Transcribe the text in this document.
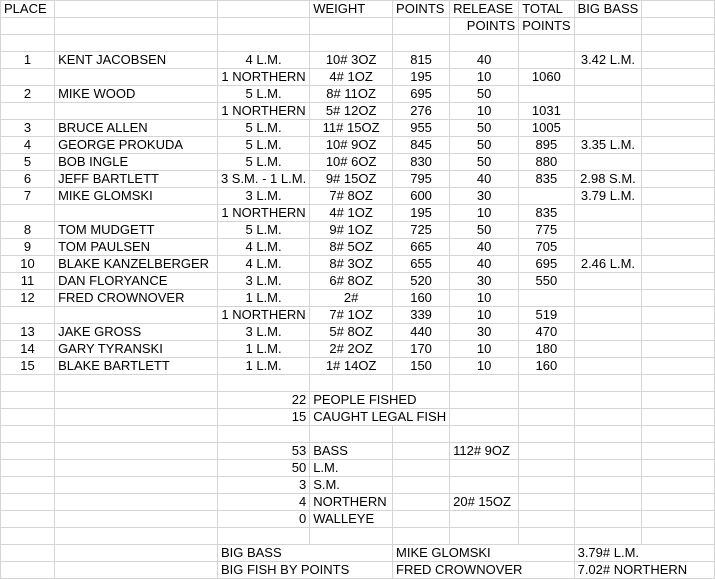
PLACE			WEIGHT	POINTS	RELEASE	TOTAL	BIG BASS	
					POINTS	POINTS		

1	KENT JACOBSEN	4 L.M.	10# 3OZ	815	40		3.42 L.M.	
		1 NORTHERN	4# 1OZ	195	10	1060		
2	MIKE WOOD	5 L.M.	8# 11OZ	695	50			
		1 NORTHERN	5# 12OZ	276	10	1031		
3	BRUCE ALLEN	5 L.M.	11# 15OZ	955	50	1005		
4	GEORGE PROKUDA	5 L.M.	10# 9OZ	845	50	895	3.35 L.M.	
5	BOB INGLE	5 L.M.	10# 6OZ	830	50	880		
6	JEFF BARTLETT	3 S.M. - 1 L.M.	9# 15OZ	795	40	835	2.98 S.M.	
7	MIKE GLOMSKI	3 L.M.	7# 8OZ	600	30		3.79 L.M.	
		1 NORTHERN	4# 1OZ	195	10	835		
8	TOM MUDGETT	5 L.M.	9# 1OZ	725	50	775		
9	TOM PAULSEN	4 L.M.	8# 5OZ	665	40	705		
10	BLAKE KANZELBERGER	4 L.M.	8# 3OZ	655	40	695	2.46 L.M.	
11	DAN FLORYANCE	3 L.M.	6# 8OZ	520	30	550		
12	FRED CROWNOVER	1 L.M.	2#	160	10			
		1 NORTHERN	7# 1OZ	339	10	519		
13	JAKE GROSS	3 L.M.	5# 8OZ	440	30	470		
14	GARY TYRANSKI	1 L.M.	2# 2OZ	170	10	180		
15	BLAKE BARTLETT	1 L.M.	1# 14OZ	150	10	160		

		22	PEOPLE FISHED					
		15	CAUGHT LEGAL FISH					

		53	BASS		112# 9OZ			
		50	L.M.					
		3	S.M.					
		4	NORTHERN		20# 15OZ			
		0	WALLEYE					

		BIG BASS		MIKE GLOMSKI			3.79# L.M.	
		BIG FISH BY POINTS		FRED CROWNOVER			7.02# NORTHERN	
